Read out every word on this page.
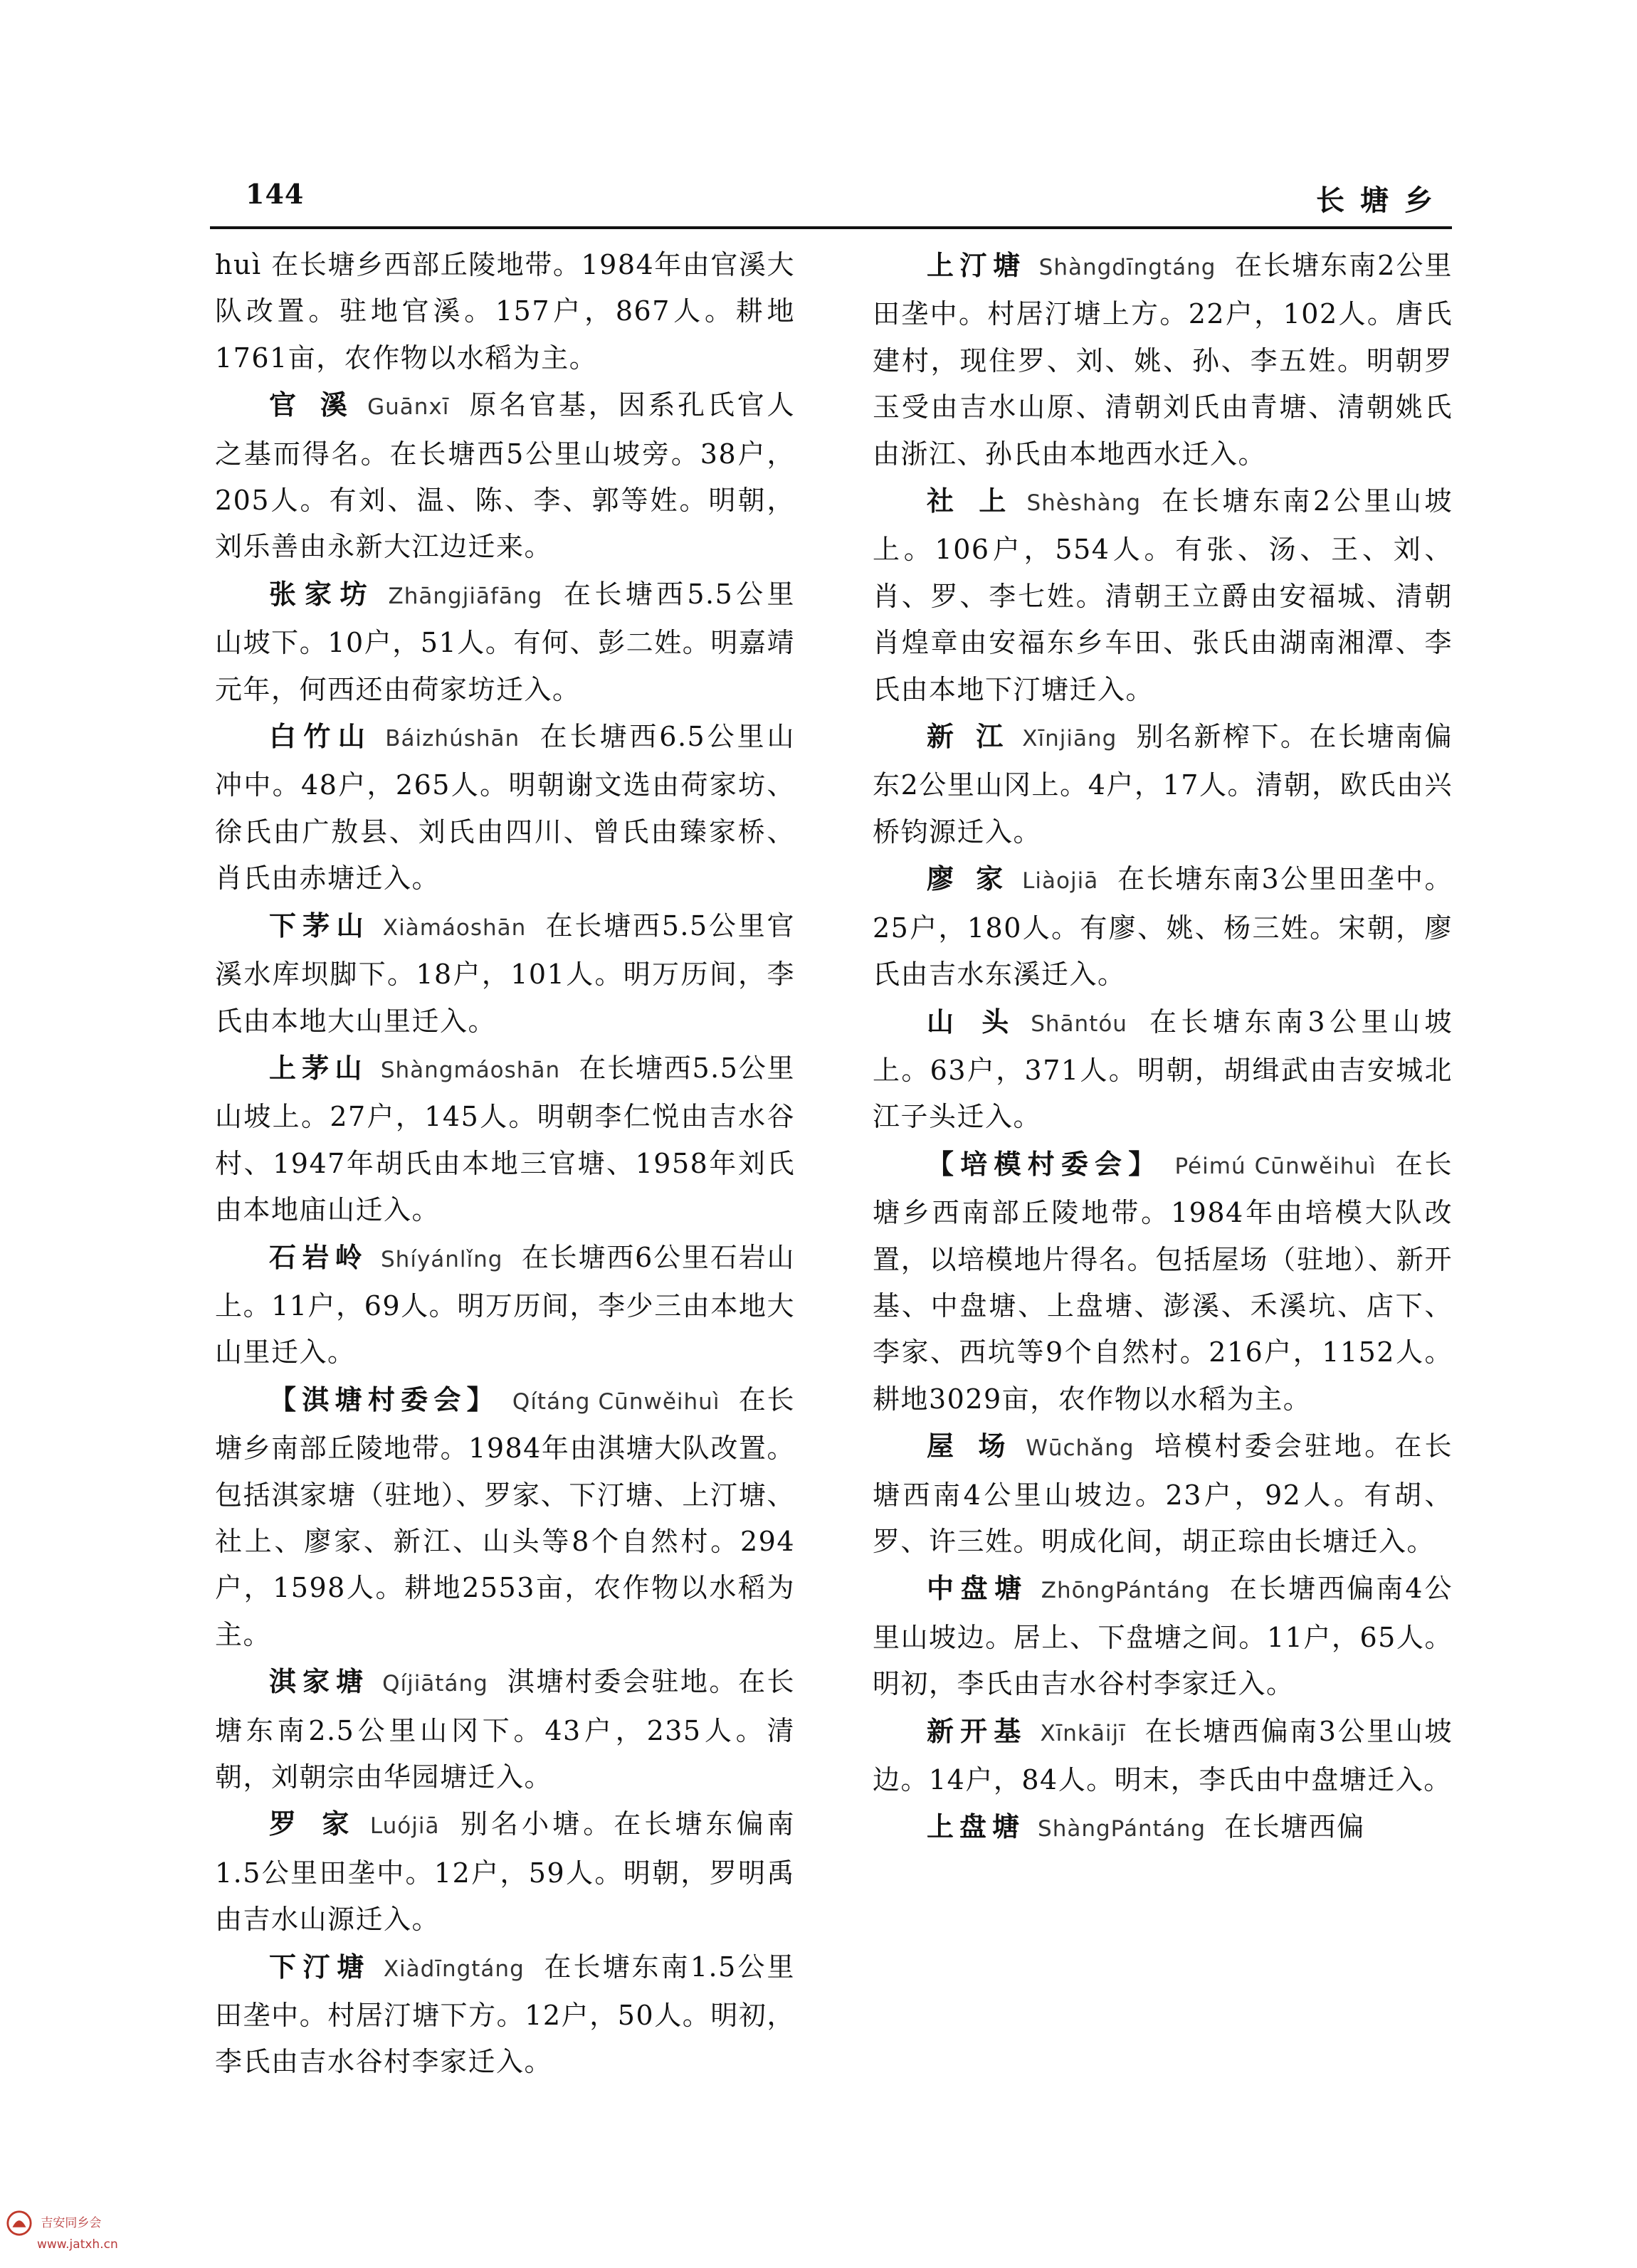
144	长塘乡

huì 在长塘乡西部丘陵地带。1984年由官溪大队改置。驻地官溪。157户，867人。耕地1761亩，农作物以水稻为主。

官 溪 Guānxī 原名官基，因系孔氏官人之基而得名。在长塘西5公里山坡旁。38户，205人。有刘、温、陈、李、郭等姓。明朝，刘乐善由永新大江边迁来。

张家坊 Zhāngjiāfāng 在长塘西5.5公里山坡下。10户，51人。有何、彭二姓。明嘉靖元年，何西还由荷家坊迁入。

白竹山 Báizhúshān 在长塘西6.5公里山冲中。48户，265人。明朝谢文选由荷家坊、徐氏由广敖县、刘氏由四川、曾氏由臻家桥、肖氏由赤塘迁入。

下茅山 Xiàmáoshān 在长塘西5.5公里官溪水库坝脚下。18户，101人。明万历间，李氏由本地大山里迁入。

上茅山 Shàngmáoshān 在长塘西5.5公里山坡上。27户，145人。明朝李仁悦由吉水谷村、1947年胡氏由本地三官塘、1958年刘氏由本地庙山迁入。

石岩岭 Shíyánlǐng 在长塘西6公里石岩山上。11户，69人。明万历间，李少三由本地大山里迁入。

【淇塘村委会】 Qítáng Cūnwěihuì 在长塘乡南部丘陵地带。1984年由淇塘大队改置。包括淇家塘（驻地）、罗家、下汀塘、上汀塘、社上、廖家、新江、山头等8个自然村。294户，1598人。耕地2553亩，农作物以水稻为主。

淇家塘 Qíjiātáng 淇塘村委会驻地。在长塘东南2.5公里山冈下。43户，235人。清朝，刘朝宗由华园塘迁入。

罗 家 Luójiā 别名小塘。在长塘东偏南1.5公里田垄中。12户，59人。明朝，罗明禹由吉水山源迁入。

下汀塘 Xiàdīngtáng 在长塘东南1.5公里田垄中。村居汀塘下方。12户，50人。明初，李氏由吉水谷村李家迁入。

上汀塘 Shàngdīngtáng 在长塘东南2公里田垄中。村居汀塘上方。22户，102人。唐氏建村，现住罗、刘、姚、孙、李五姓。明朝罗玉受由吉水山原、清朝刘氏由青塘、清朝姚氏由浙江、孙氏由本地西水迁入。

社 上 Shèshàng 在长塘东南2公里山坡上。106户，554人。有张、汤、王、刘、肖、罗、李七姓。清朝王立爵由安福城、清朝肖煌章由安福东乡车田、张氏由湖南湘潭、李氏由本地下汀塘迁入。

新 江 Xīnjiāng 别名新榨下。在长塘南偏东2公里山冈上。4户，17人。清朝，欧氏由兴桥钧源迁入。

廖 家 Liàojiā 在长塘东南3公里田垄中。25户，180人。有廖、姚、杨三姓。宋朝，廖氏由吉水东溪迁入。

山 头 Shāntóu 在长塘东南3公里山坡上。63户，371人。明朝，胡缉武由吉安城北江子头迁入。

【培模村委会】 Péimú Cūnwěihuì 在长塘乡西南部丘陵地带。1984年由培模大队改置，以培模地片得名。包括屋场（驻地）、新开基、中盘塘、上盘塘、澎溪、禾溪坑、店下、李家、西坑等9个自然村。216户，1152人。耕地3029亩，农作物以水稻为主。

屋 场 Wūchǎng 培模村委会驻地。在长塘西南4公里山坡边。23户，92人。有胡、罗、许三姓。明成化间，胡正琮由长塘迁入。

中盘塘 ZhōngPántáng 在长塘西偏南4公里山坡边。居上、下盘塘之间。11户，65人。明初，李氏由吉水谷村李家迁入。

新开基 Xīnkāijī 在长塘西偏南3公里山坡边。14户，84人。明末，李氏由中盘塘迁入。

上盘塘 ShàngPántáng 在长塘西偏

吉安同乡会
www.jatxh.cn
